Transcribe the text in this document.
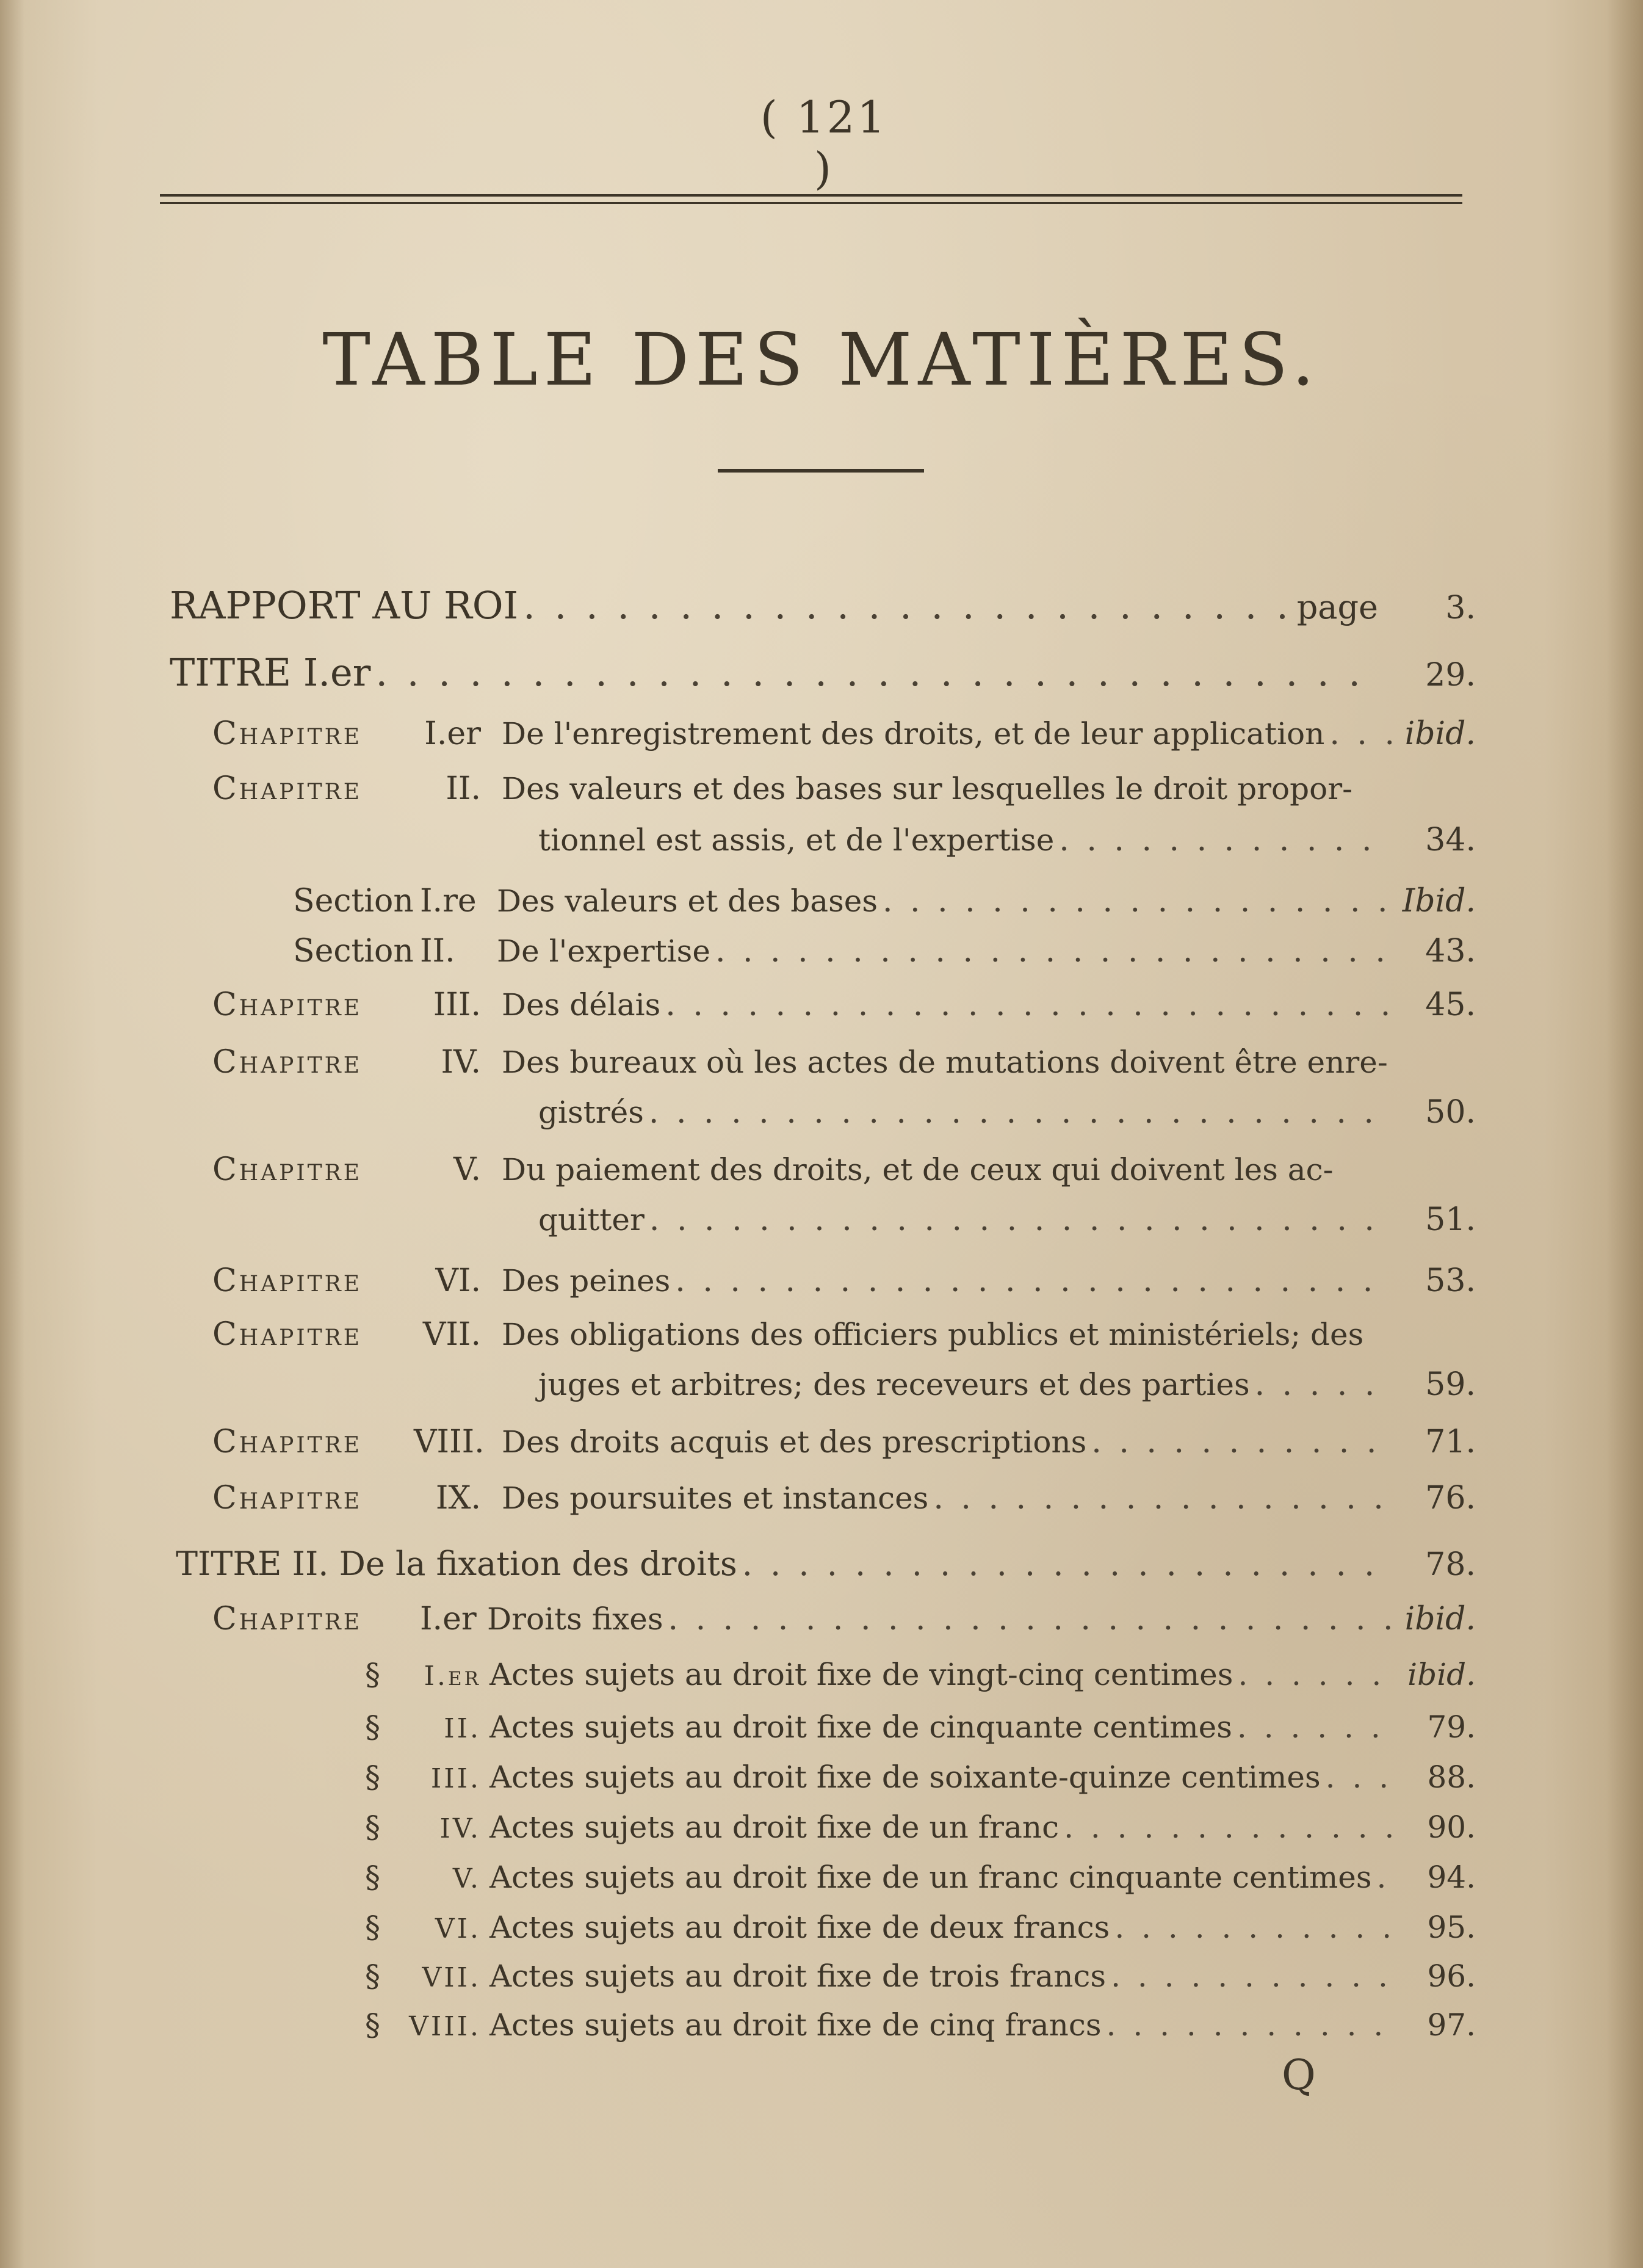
( 121 )
TABLE DES MATIÈRES.
RAPPORT AU ROI . . .	page	3.
TITRE I.er . . .	29.
Chapitre	I.er De l'enregistrement des droits, et de leur application . . .	ibid.
Chapitre	II. Des valeurs et des bases sur lesquelles le droit propor-
tionnel est assis, et de l'expertise . . .	34.
Section I.re Des valeurs et des bases . . .	Ibid.
Section II.	De l'expertise . . .	43.
Chapitre	III. Des délais . . .	45.
Chapitre	IV. Des bureaux où les actes de mutations doivent être enre-
gistrés . . .	50.
Chapitre	V. Du paiement des droits, et de ceux qui doivent les ac-
quitter . . .	51.
Chapitre	VI. Des peines . . .	53.
Chapitre	VII. Des obligations des officiers publics et ministériels; des
juges et arbitres; des receveurs et des parties . . .	59.
Chapitre	VIII. Des droits acquis et des prescriptions . . .	71.
Chapitre	IX. Des poursuites et instances . . .	76.
TITRE II. De la fixation des droits . . .	78.
Chapitre	I.er Droits fixes . . .	ibid.
§	I.er Actes sujets au droit fixe de vingt-cinq centimes . . .	ibid.
§	II. Actes sujets au droit fixe de cinquante centimes . . .	79.
§	III. Actes sujets au droit fixe de soixante-quinze centimes . . .	88.
§	IV. Actes sujets au droit fixe de un franc . . .	90.
§	V. Actes sujets au droit fixe de un franc cinquante centimes . . .	94.
§	VI. Actes sujets au droit fixe de deux francs . . .	95.
§	VII. Actes sujets au droit fixe de trois francs . . .	96.
§	VIII. Actes sujets au droit fixe de cinq francs . . .	97.
Q
